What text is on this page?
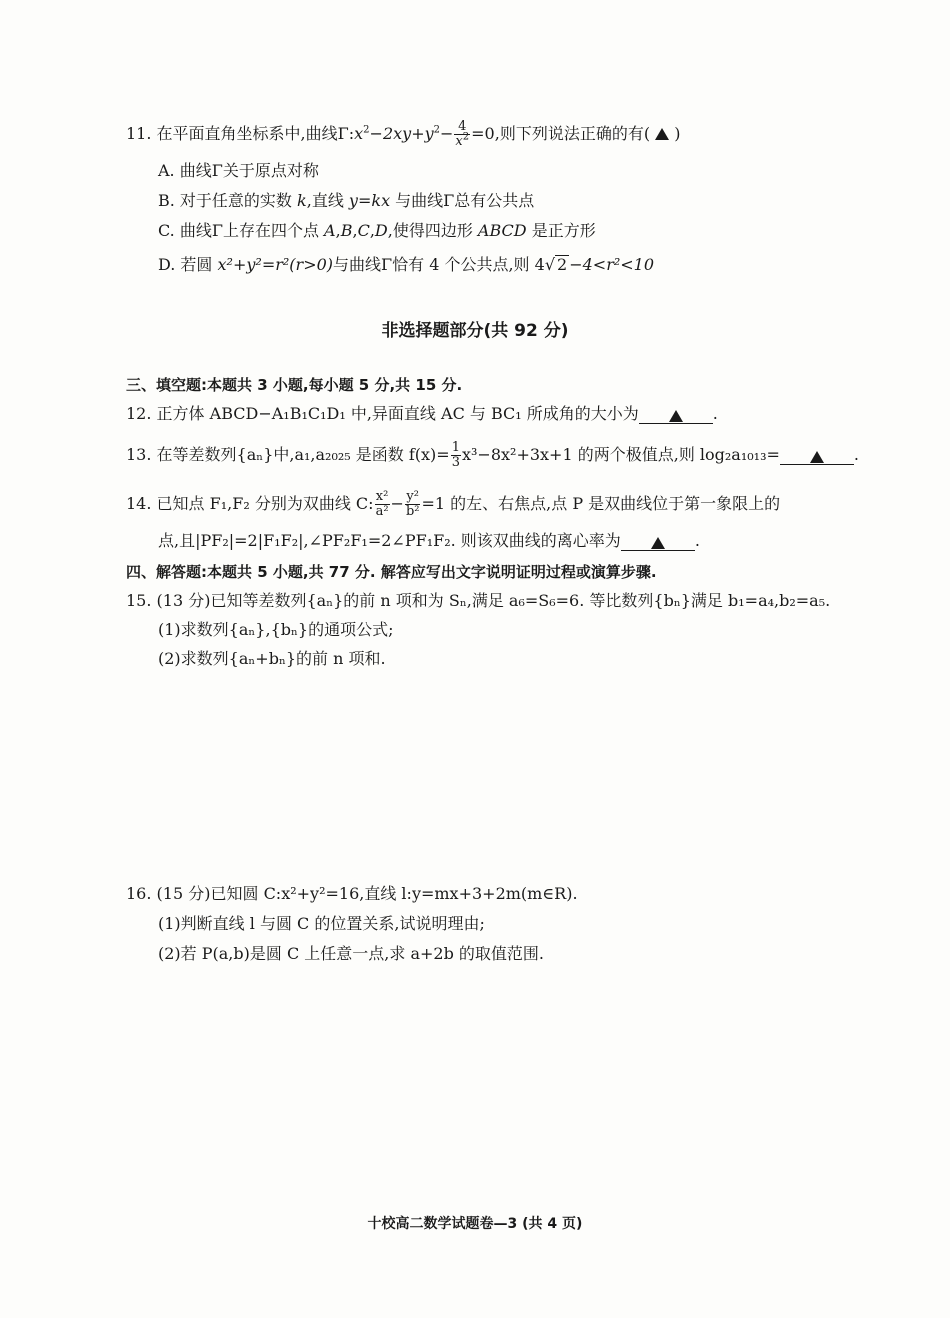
11. 在平面直角坐标系中,曲线$\Gamma:x^2-2xy+y^2- \frac{4}{x^2} =0$,则下列说法正确的有( )
A. 曲线Γ关于原点对称
B. 对于任意的实数 k,直线 y=kx 与曲线Γ总有公共点
C. 曲线Γ上存在四个点 A,B,C,D,使得四边形 ABCD 是正方形
D. 若圆 x²+y²=r²(r>0)与曲线Γ恰有 4 个公共点,则 4√ 2 −4<r²<10
非选择题部分(共 92 分)
三、填空题:本题共 3 小题,每小题 5 分,共 15 分.
12. 正方体 ABCD−A₁B₁C₁D₁ 中,异面直线 AC 与 BC₁ 所成角的大小为	.
13. 在等差数列{aₙ}中,a₁,a₂₀₂₅ 是函数 $f(x)= \frac{1}{3} x^3-8x^2+3x+1$ 的两个极值点,则 log₂a₁₀₁₃=	.
14. 已知点 F₁,F₂ 分别为双曲线 C: $\frac{\text{x²}}{\text{a²}} - \frac{\text{y²}}{\text{b²}} =1$ 的左、右焦点,点 P 是双曲线位于第一象限上的
点,且|PF₂|=2|F₁F₂|,∠PF₂F₁=2∠PF₁F₂. 则该双曲线的离心率为	.
四、解答题:本题共 5 小题,共 77 分. 解答应写出文字说明证明过程或演算步骤.
15. (13 分)已知等差数列{aₙ}的前 n 项和为 Sₙ,满足 a₆=S₆=6. 等比数列{bₙ}满足 b₁=a₄,b₂=a₅.
(1)求数列{aₙ},{bₙ}的通项公式;
(2)求数列{aₙ+bₙ}的前 n 项和.
16. (15 分)已知圆 C:x²+y²=16,直线 l:y=mx+3+2m(m∈R).
(1)判断直线 l 与圆 C 的位置关系,试说明理由;
(2)若 P(a,b)是圆 C 上任意一点,求 a+2b 的取值范围.
十校高二数学试题卷—3 (共 4 页)
